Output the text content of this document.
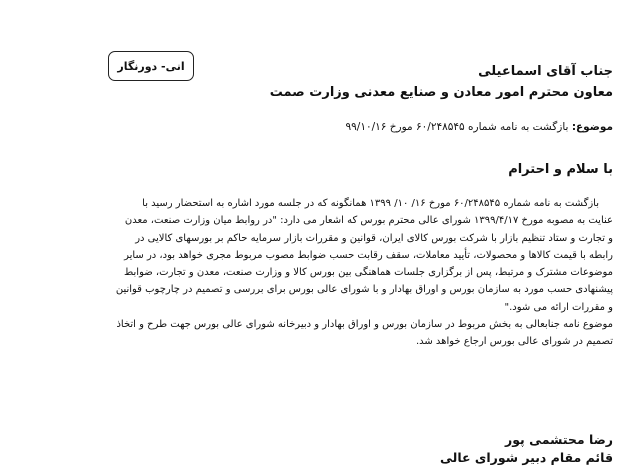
انی- دورنگار	جناب آقای اسماعیلی
معاون محترم امور معادن و صنایع معدنی وزارت صمت
موضوع: بازگشت به نامه شماره ۶۰/۲۴۸۵۴۵ مورخ ۹۹/۱۰/۱۶
با سلام و احترام
بازگشت به نامه شماره ۶۰/۲۴۸۵۴۵ مورخ ۱۶/ ۱۰/ ۱۳۹۹ همانگونه که در جلسه مورد اشاره به استحضار رسید با
عنایت به مصوبه مورخ ۱۳۹۹/۴/۱۷ شورای عالی محترم بورس که اشعار می دارد: "در روابط میان وزارت صنعت، معدن
و تجارت و ستاد تنظیم بازار با شرکت بورس کالای ایران، قوانین و مقررات بازار سرمایه حاکم بر بورسهای کالایی در
رابطه با قیمت کالاها و محصولات، تأیید معاملات، سقف رقابت حسب ضوابط مصوب مربوط مجری خواهد بود، در سایر
موضوعات مشترک و مرتبط، پس از برگزاری جلسات هماهنگی بین بورس کالا و وزارت صنعت، معدن و تجارت، ضوابط
پیشنهادی حسب مورد به سازمان بورس و اوراق بهادار و با شورای عالی بورس برای بررسی و تصمیم در چارچوب قوانین
و مقررات ارائه می شود."
موضوع نامه جنابعالی به بخش مربوط در سازمان بورس و اوراق بهادار و دبیرخانه شورای عالی بورس جهت طرح و اتخاذ
تصمیم در شورای عالی بورس ارجاع خواهد شد.
رضا محتشمی پور
قائم مقام دبیر شورای عالی
